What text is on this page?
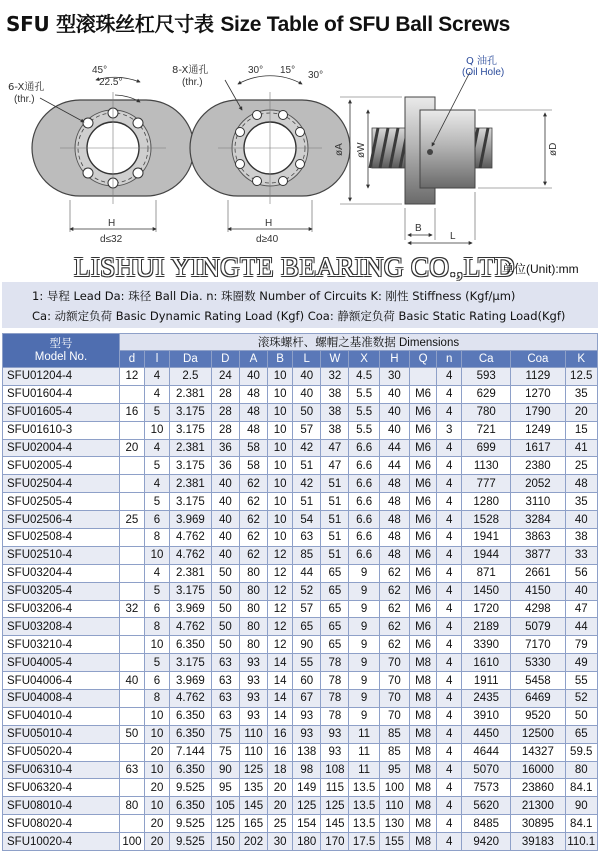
SFU 型滚珠丝杠尺寸表 Size Table of SFU Ball Screws
45°
22.5°
6-X通孔
(thr.)
H
d≤32
30° 15° 30°
8-X通孔
(thr.)
H
d≥40
Q 油孔
(Oil Hole)
øA øW	øD
B
L
LISHUI YINGTE BEARING CO.,LTD
单位(Unit):mm
1: 导程 Lead Da: 珠径 Ball Dia. n: 珠圈数 Number of Circuits K: 刚性 Stiffness (Kgf/μm)
Ca: 动额定负荷 Basic Dynamic Rating Load (Kgf) Coa: 静额定负荷 Basic Static Rating Load(Kgf)
型号
Model No.	滚珠螺杆、螺帽之基准数据 Dimensions														
	d	l	Da	D	A	B	L	W	X	H	Q	n	Ca	Coa	K
SFU01204-4	12	4	2.5	24	40	10	40	32	4.5	30		4	593	1129	12.5
SFU01604-4		4	2.381	28	48	10	40	38	5.5	40	M6	4	629	1270	35
SFU01605-4	16	5	3.175	28	48	10	50	38	5.5	40	M6	4	780	1790	20
SFU01610-3		10	3.175	28	48	10	57	38	5.5	40	M6	3	721	1249	15
SFU02004-4	20	4	2.381	36	58	10	42	47	6.6	44	M6	4	699	1617	41
SFU02005-4		5	3.175	36	58	10	51	47	6.6	44	M6	4	1130	2380	25
SFU02504-4		4	2.381	40	62	10	42	51	6.6	48	M6	4	777	2052	48
SFU02505-4		5	3.175	40	62	10	51	51	6.6	48	M6	4	1280	3110	35
SFU02506-4	25	6	3.969	40	62	10	54	51	6.6	48	M6	4	1528	3284	40
SFU02508-4		8	4.762	40	62	10	63	51	6.6	48	M6	4	1941	3863	38
SFU02510-4		10	4.762	40	62	12	85	51	6.6	48	M6	4	1944	3877	33
SFU03204-4		4	2.381	50	80	12	44	65	9	62	M6	4	871	2661	56
SFU03205-4		5	3.175	50	80	12	52	65	9	62	M6	4	1450	4150	40
SFU03206-4	32	6	3.969	50	80	12	57	65	9	62	M6	4	1720	4298	47
SFU03208-4		8	4.762	50	80	12	65	65	9	62	M6	4	2189	5079	44
SFU03210-4		10	6.350	50	80	12	90	65	9	62	M6	4	3390	7170	79
SFU04005-4		5	3.175	63	93	14	55	78	9	70	M8	4	1610	5330	49
SFU04006-4	40	6	3.969	63	93	14	60	78	9	70	M8	4	1911	5458	55
SFU04008-4		8	4.762	63	93	14	67	78	9	70	M8	4	2435	6469	52
SFU04010-4		10	6.350	63	93	14	93	78	9	70	M8	4	3910	9520	50
SFU05010-4	50	10	6.350	75	110	16	93	93	11	85	M8	4	4450	12500	65
SFU05020-4		20	7.144	75	110	16	138	93	11	85	M8	4	4644	14327	59.5
SFU06310-4	63	10	6.350	90	125	18	98	108	11	95	M8	4	5070	16000	80
SFU06320-4		20	9.525	95	135	20	149	115	13.5	100	M8	4	7573	23860	84.1
SFU08010-4	80	10	6.350	105	145	20	125	125	13.5	110	M8	4	5620	21300	90
SFU08020-4		20	9.525	125	165	25	154	145	13.5	130	M8	4	8485	30895	84.1
SFU10020-4	100	20	9.525	150	202	30	180	170	17.5	155	M8	4	9420	39183	110.1
